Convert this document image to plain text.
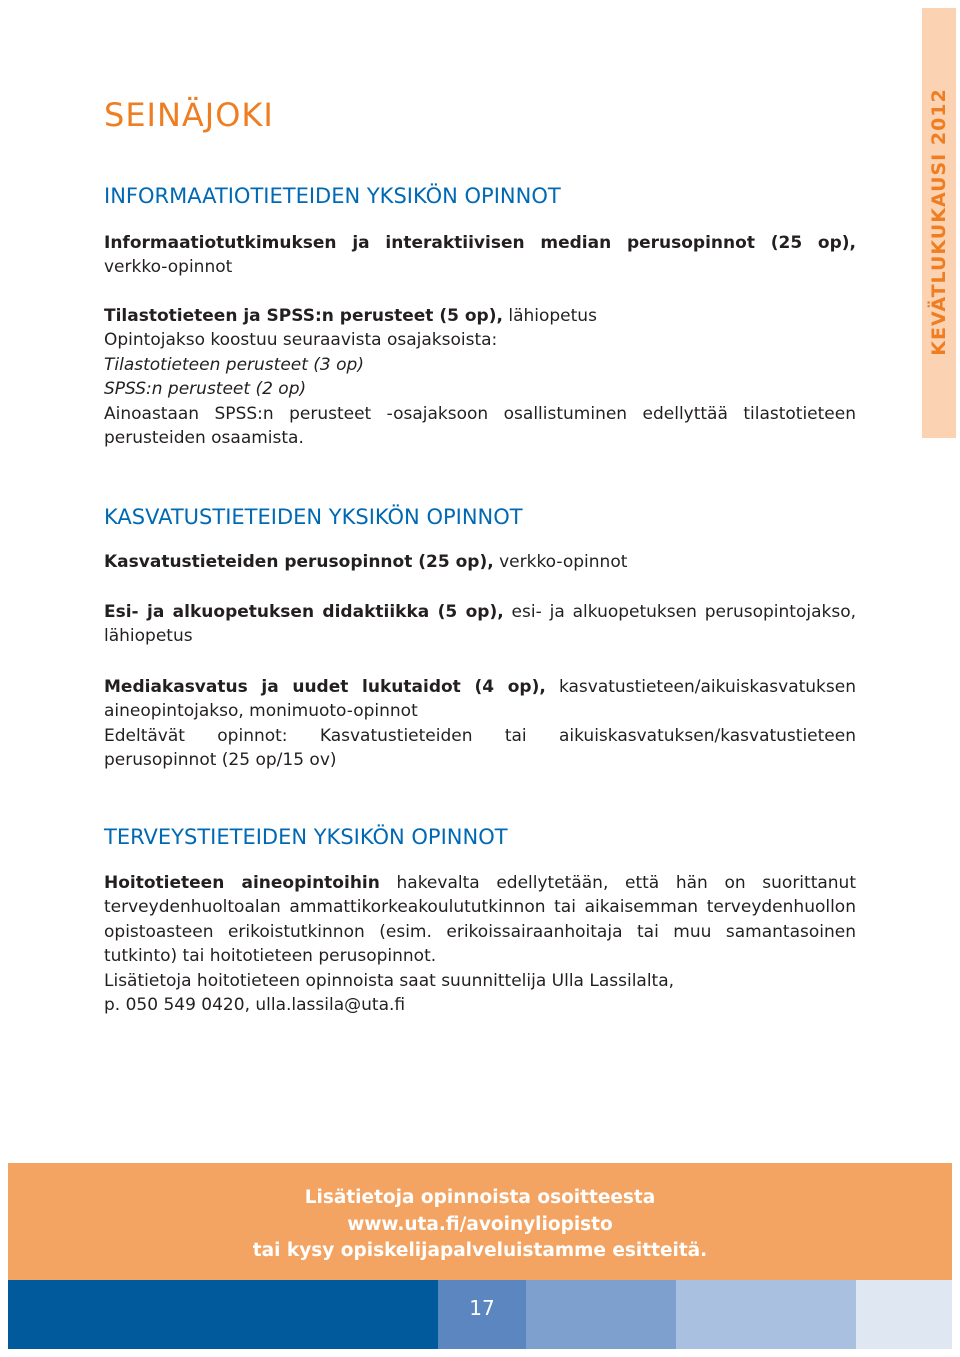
KEVÄTLUKUKAUSI 2012
SEINÄJOKI
INFORMAATIOTIETEIDEN YKSIKÖN OPINNOT

Informaatiotutkimuksen ja interaktiivisen median perusopinnot (25 op), verkko-opinnot

Tilastotieteen ja SPSS:n perusteet (5 op), lähiopetus
Opintojakso koostuu seuraavista osajaksoista:
Tilastotieteen perusteet (3 op)
SPSS:n perusteet (2 op)
Ainoastaan SPSS:n perusteet -osajaksoon osallistuminen edellyttää tilastotieteen perusteiden osaamista.
KASVATUSTIETEIDEN YKSIKÖN OPINNOT

Kasvatustieteiden perusopinnot (25 op), verkko-opinnot

Esi- ja alkuopetuksen didaktiikka (5 op), esi- ja alkuopetuksen perusopintojakso, lähiopetus

Mediakasvatus ja uudet lukutaidot (4 op), kasvatustieteen/aikuiskasvatuksen aineopintojakso, monimuoto-opinnot
Edeltävät opinnot: Kasvatustieteiden tai aikuiskasvatuksen/kasvatustieteen perusopinnot (25 op/15 ov)
TERVEYSTIETEIDEN YKSIKÖN OPINNOT
Hoitotieteen aineopintoihin hakevalta edellytetään, että hän on suorittanut terveydenhuoltoalan ammattikorkeakoulututkinnon tai aikaisemman terveydenhuollon opistoasteen erikoistutkinnon (esim. erikoissairaanhoitaja tai muu samantasoinen tutkinto) tai hoitotieteen perusopinnot.
Lisätietoja hoitotieteen opinnoista saat suunnittelija Ulla Lassilalta,
p. 050 549 0420, ulla.lassila@uta.fi
Lisätietoja opinnoista osoitteesta
www.uta.fi/avoinyliopisto
tai kysy opiskelijapalveluistamme esitteitä.
17
